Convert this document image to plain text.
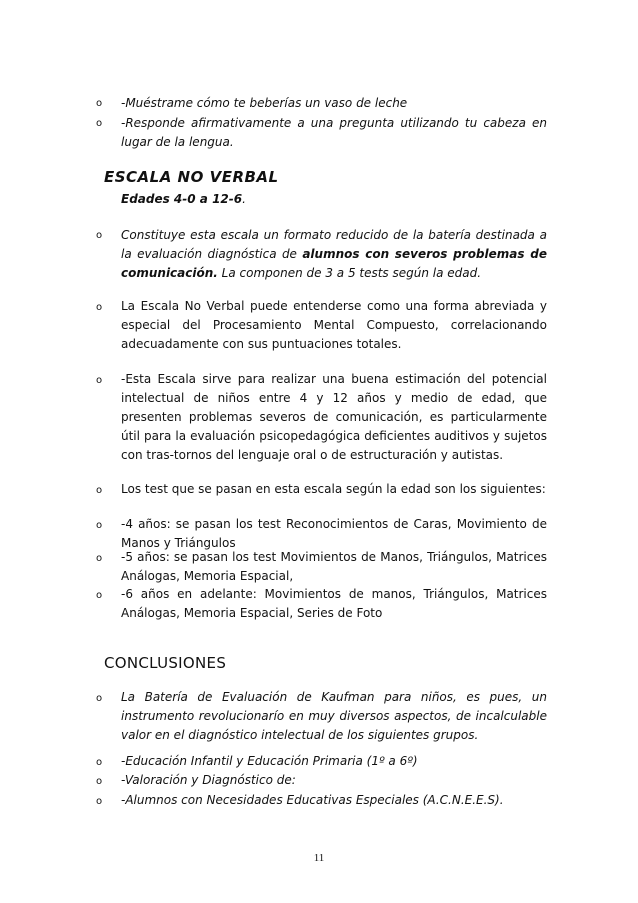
o -Muéstrame cómo te beberías un vaso de leche
o -Responde afirmativamente a una pregunta utilizando tu cabeza en lugar de la lengua.
ESCALA NO VERBAL
Edades 4-0 a 12-6.
o Constituye esta escala un formato reducido de la batería destinada a la evaluación diagnóstica de alumnos con severos problemas de comunicación. La componen de 3 a 5 tests según la edad.
o La Escala No Verbal puede entenderse como una forma abreviada y especial del Procesamiento Mental Compuesto, correlacionando adecuadamente con sus puntuaciones totales.
o -Esta Escala sirve para realizar una buena estimación del potencial intelectual de niños entre 4 y 12 años y medio de edad, que presenten problemas severos de comunicación, es particularmente útil para la evaluación psicopedagógica deficientes auditivos y sujetos con tras-tornos del lenguaje oral o de estructuración y autistas.
o Los test que se pasan en esta escala según la edad son los siguientes:
o -4 años: se pasan los test Reconocimientos de Caras, Movimiento de Manos y Triángulos
o -5 años: se pasan los test Movimientos de Manos, Triángulos, Matrices Análogas, Memoria Espacial,
o -6 años en adelante: Movimientos de manos, Triángulos, Matrices Análogas, Memoria Espacial, Series de Foto
CONCLUSIONES
o La Batería de Evaluación de Kaufman para niños, es pues, un instrumento revolucionarío en muy diversos aspectos, de incalculable valor en el diagnóstico intelectual de los siguientes grupos.
o -Educación Infantil y Educación Primaria (1º a 6º)
o -Valoración y Diagnóstico de:
o -Alumnos con Necesidades Educativas Especiales (A.C.N.E.E.S).
11
